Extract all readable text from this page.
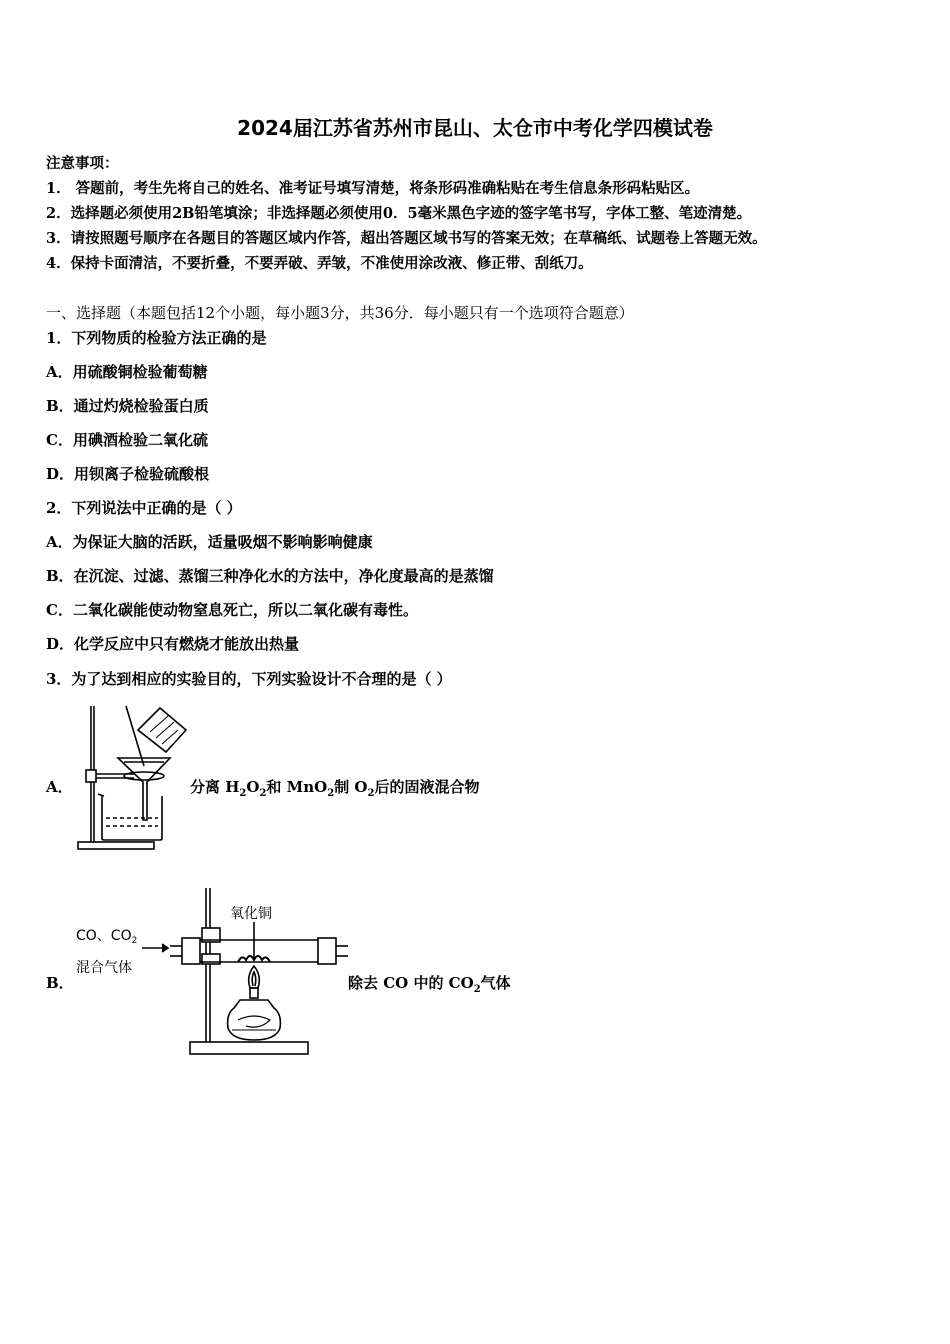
2024届江苏省苏州市昆山、太仓市中考化学四模试卷
注意事项：
1． 答题前，考生先将自己的姓名、准考证号填写清楚，将条形码准确粘贴在考生信息条形码粘贴区。
2．选择题必须使用2B铅笔填涂；非选择题必须使用0．5毫米黑色字迹的签字笔书写，字体工整、笔迹清楚。
3．请按照题号顺序在各题目的答题区域内作答，超出答题区域书写的答案无效；在草稿纸、试题卷上答题无效。
4．保持卡面清洁，不要折叠，不要弄破、弄皱，不准使用涂改液、修正带、刮纸刀。
一、选择题（本题包括12个小题，每小题3分，共36分．每小题只有一个选项符合题意）
1．下列物质的检验方法正确的是
A．用硫酸铜检验葡萄糖
B．通过灼烧检验蛋白质
C．用碘酒检验二氧化硫
D．用钡离子检验硫酸根
2．下列说法中正确的是（ ）
A．为保证大脑的活跃，适量吸烟不影响影响健康
B．在沉淀、过滤、蒸馏三种净化水的方法中，净化度最高的是蒸馏
C．二氧化碳能使动物窒息死亡，所以二氧化碳有毒性。
D．化学反应中只有燃烧才能放出热量
3．为了达到相应的实验目的，下列实验设计不合理的是（ ）
A．	分离 $H_2O_2$和 MnO$_2$制 $O_2$后的固液混合物
B．
CO、$CO_2$
混合气体
氧化铜
除去 CO 中的 $CO_2$气体
